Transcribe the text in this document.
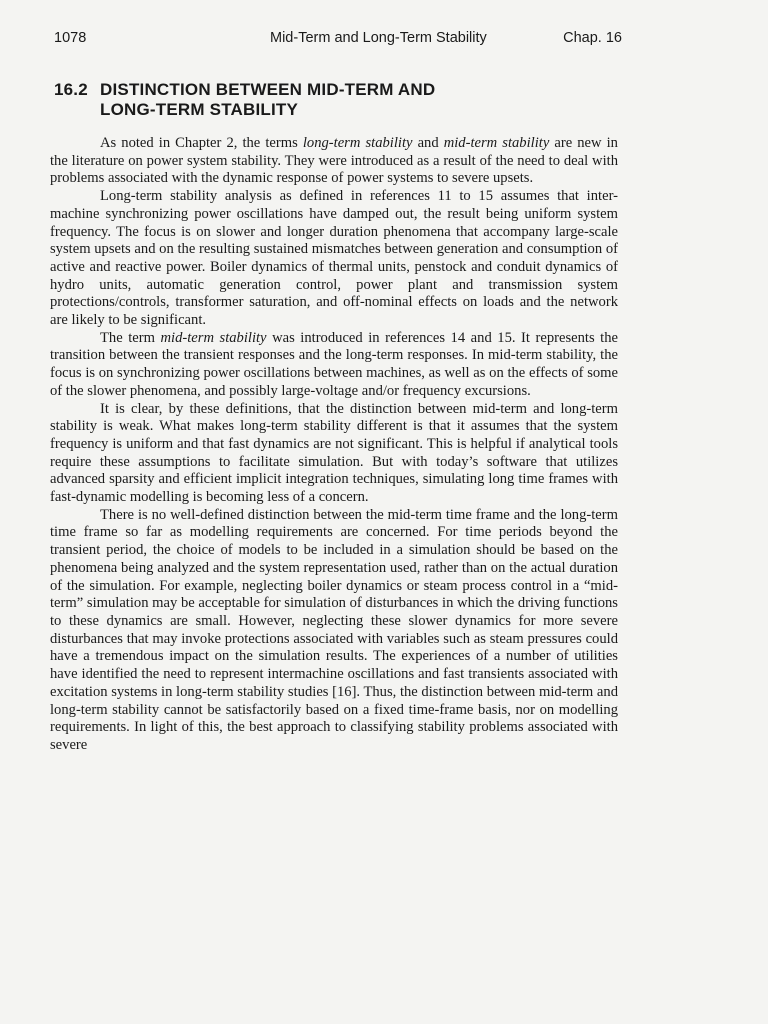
1078	Mid-Term and Long-Term Stability	Chap. 16
16.2 DISTINCTION BETWEEN MID-TERM AND
LONG-TERM STABILITY

As noted in Chapter 2, the terms long-term stability and mid-term stability are new in the literature on power system stability. They were introduced as a result of the need to deal with problems associated with the dynamic response of power systems to severe upsets.

Long-term stability analysis as defined in references 11 to 15 assumes that inter-machine synchronizing power oscillations have damped out, the result being uniform system frequency. The focus is on slower and longer duration phenomena that accompany large-scale system upsets and on the resulting sustained mismatches between generation and consumption of active and reactive power. Boiler dynamics of thermal units, penstock and conduit dynamics of hydro units, automatic generation control, power plant and transmission system protections/controls, transformer saturation, and off-nominal effects on loads and the network are likely to be significant.

The term mid-term stability was introduced in references 14 and 15. It represents the transition between the transient responses and the long-term responses. In mid-term stability, the focus is on synchronizing power oscillations between machines, as well as on the effects of some of the slower phenomena, and possibly large-voltage and/or frequency excursions.

It is clear, by these definitions, that the distinction between mid-term and long-term stability is weak. What makes long-term stability different is that it assumes that the system frequency is uniform and that fast dynamics are not significant. This is helpful if analytical tools require these assumptions to facilitate simulation. But with today’s software that utilizes advanced sparsity and efficient implicit integration techniques, simulating long time frames with fast-dynamic modelling is becoming less of a concern.

There is no well-defined distinction between the mid-term time frame and the long-term time frame so far as modelling requirements are concerned. For time periods beyond the transient period, the choice of models to be included in a simulation should be based on the phenomena being analyzed and the system representation used, rather than on the actual duration of the simulation. For example, neglecting boiler dynamics or steam process control in a “mid-term” simulation may be acceptable for simulation of disturbances in which the driving functions to these dynamics are small. However, neglecting these slower dynamics for more severe disturbances that may invoke protections associated with variables such as steam pressures could have a tremendous impact on the simulation results. The experiences of a number of utilities have identified the need to represent intermachine oscillations and fast transients associated with excitation systems in long-term stability studies [16]. Thus, the distinction between mid-term and long-term stability cannot be satisfactorily based on a fixed time-frame basis, nor on modelling requirements. In light of this, the best approach to classifying stability problems associated with severe
